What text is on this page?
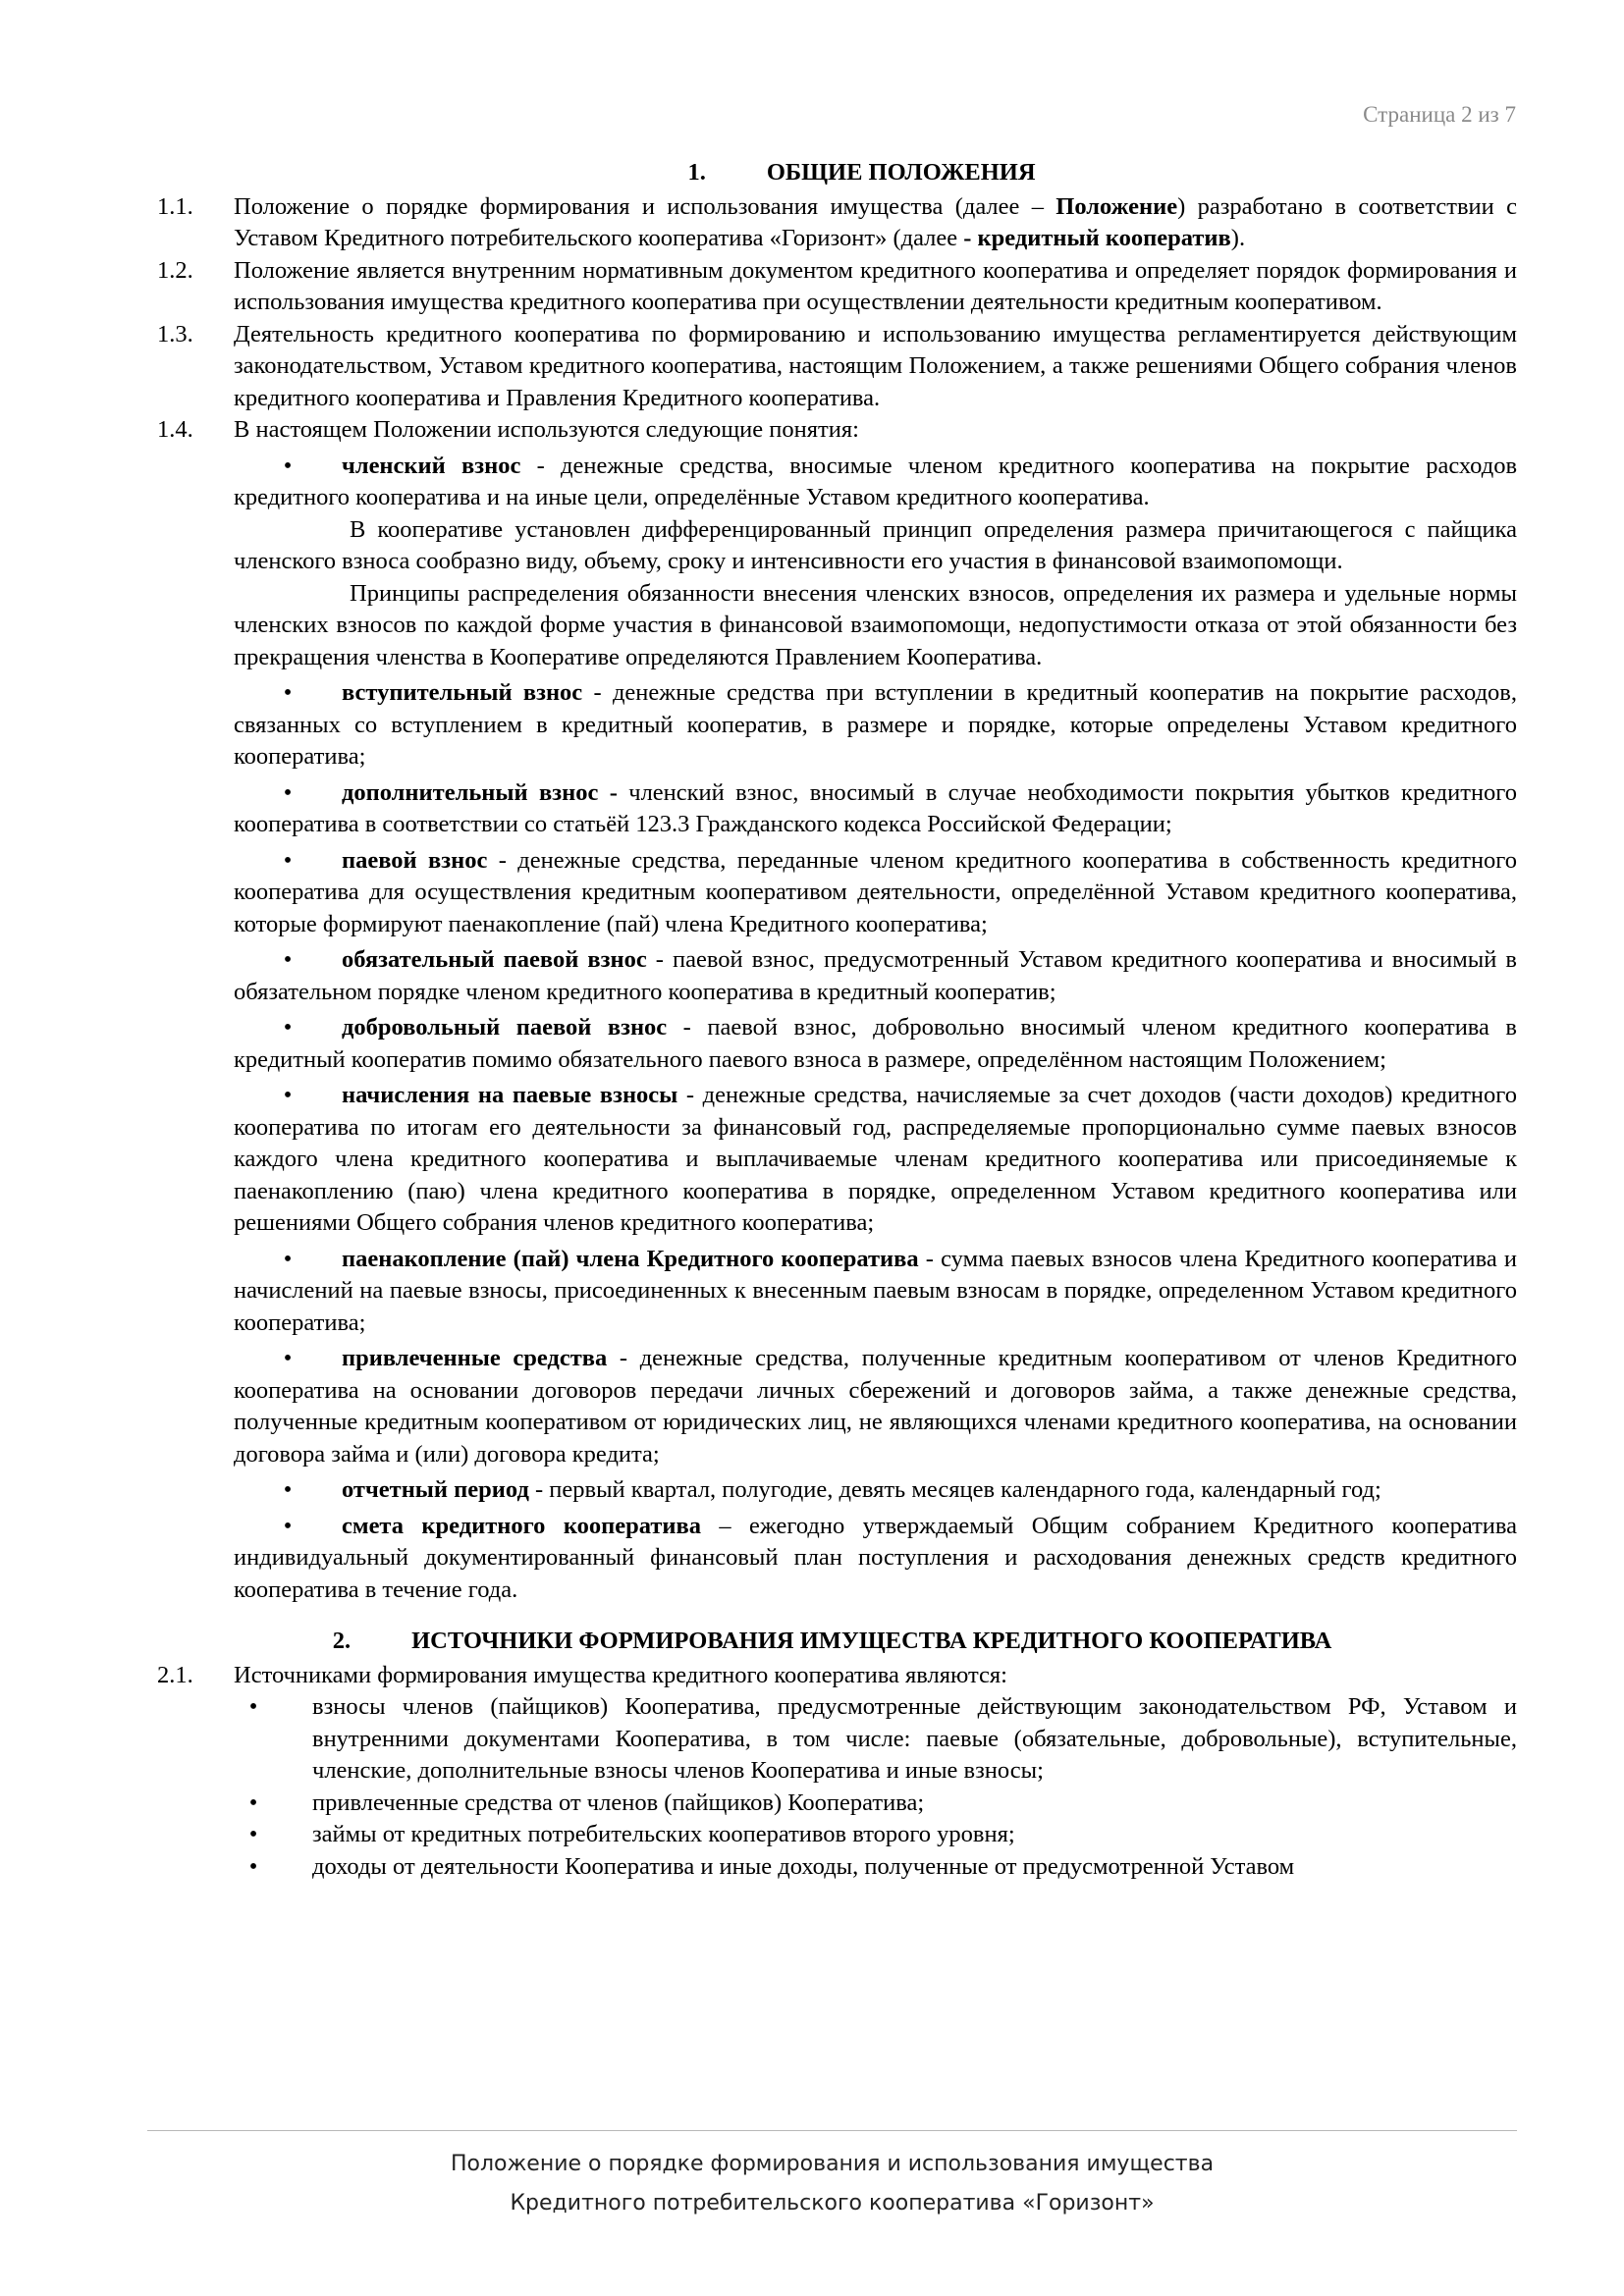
Страница 2 из 7
1.	ОБЩИЕ ПОЛОЖЕНИЯ

1.1. Положение о порядке формирования и использования имущества (далее – Положение) разработано в соответствии с Уставом Кредитного потребительского кооператива «Горизонт» (далее - кредитный кооператив).

1.2. Положение является внутренним нормативным документом кредитного кооператива и определяет порядок формирования и использования имущества кредитного кооператива при осуществлении деятельности кредитным кооперативом.

1.3. Деятельность кредитного кооператива по формированию и использованию имущества регламентируется действующим законодательством, Уставом кредитного кооператива, настоящим Положением, а также решениями Общего собрания членов кредитного кооператива и Правления Кредитного кооператива.

1.4. В настоящем Положении используются следующие понятия:

• членский взнос - денежные средства, вносимые членом кредитного кооператива на покрытие расходов кредитного кооператива и на иные цели, определённые Уставом кредитного кооператива.

В кооперативе установлен дифференцированный принцип определения размера причитающегося с пайщика членского взноса сообразно виду, объему, сроку и интенсивности его участия в финансовой взаимопомощи.

Принципы распределения обязанности внесения членских взносов, определения их размера и удельные нормы членских взносов по каждой форме участия в финансовой взаимопомощи, недопустимости отказа от этой обязанности без прекращения членства в Кооперативе определяются Правлением Кооператива.

• вступительный взнос - денежные средства при вступлении в кредитный кооператив на покрытие расходов, связанных со вступлением в кредитный кооператив, в размере и порядке, которые определены Уставом кредитного кооператива;

• дополнительный взнос - членский взнос, вносимый в случае необходимости покрытия убытков кредитного кооператива в соответствии со статьёй 123.3 Гражданского кодекса Российской Федерации;

• паевой взнос - денежные средства, переданные членом кредитного кооператива в собственность кредитного кооператива для осуществления кредитным кооперативом деятельности, определённой Уставом кредитного кооператива, которые формируют паенакопление (пай) члена Кредитного кооператива;

• обязательный паевой взнос - паевой взнос, предусмотренный Уставом кредитного кооператива и вносимый в обязательном порядке членом кредитного кооператива в кредитный кооператив;

• добровольный паевой взнос - паевой взнос, добровольно вносимый членом кредитного кооператива в кредитный кооператив помимо обязательного паевого взноса в размере, определённом настоящим Положением;

• начисления на паевые взносы - денежные средства, начисляемые за счет доходов (части доходов) кредитного кооператива по итогам его деятельности за финансовый год, распределяемые пропорционально сумме паевых взносов каждого члена кредитного кооператива и выплачиваемые членам кредитного кооператива или присоединяемые к паенакоплению (паю) члена кредитного кооператива в порядке, определенном Уставом кредитного кооператива или решениями Общего собрания членов кредитного кооператива;

• паенакопление (пай) члена Кредитного кооператива - сумма паевых взносов члена Кредитного кооператива и начислений на паевые взносы, присоединенных к внесенным паевым взносам в порядке, определенном Уставом кредитного кооператива;

• привлеченные средства - денежные средства, полученные кредитным кооперативом от членов Кредитного кооператива на основании договоров передачи личных сбережений и договоров займа, а также денежные средства, полученные кредитным кооперативом от юридических лиц, не являющихся членами кредитного кооператива, на основании договора займа и (или) договора кредита;

• отчетный период - первый квартал, полугодие, девять месяцев календарного года, календарный год;

• смета кредитного кооператива – ежегодно утверждаемый Общим собранием Кредитного кооператива индивидуальный документированный финансовый план поступления и расходования денежных средств кредитного кооператива в течение года.

2.	ИСТОЧНИКИ ФОРМИРОВАНИЯ ИМУЩЕСТВА КРЕДИТНОГО КООПЕРАТИВА

2.1. Источниками формирования имущества кредитного кооператива являются:

•	взносы членов (пайщиков) Кооператива, предусмотренные действующим законодательством РФ, Уставом и внутренними документами Кооператива, в том числе: паевые (обязательные, добровольные), вступительные, членские, дополнительные взносы членов Кооператива и иные взносы;

•	привлеченные средства от членов (пайщиков) Кооператива;

•	займы от кредитных потребительских кооперативов второго уровня;

•	доходы от деятельности Кооператива и иные доходы, полученные от предусмотренной Уставом

Положение о порядке формирования и использования имущества
Кредитного потребительского кооператива «Горизонт»
